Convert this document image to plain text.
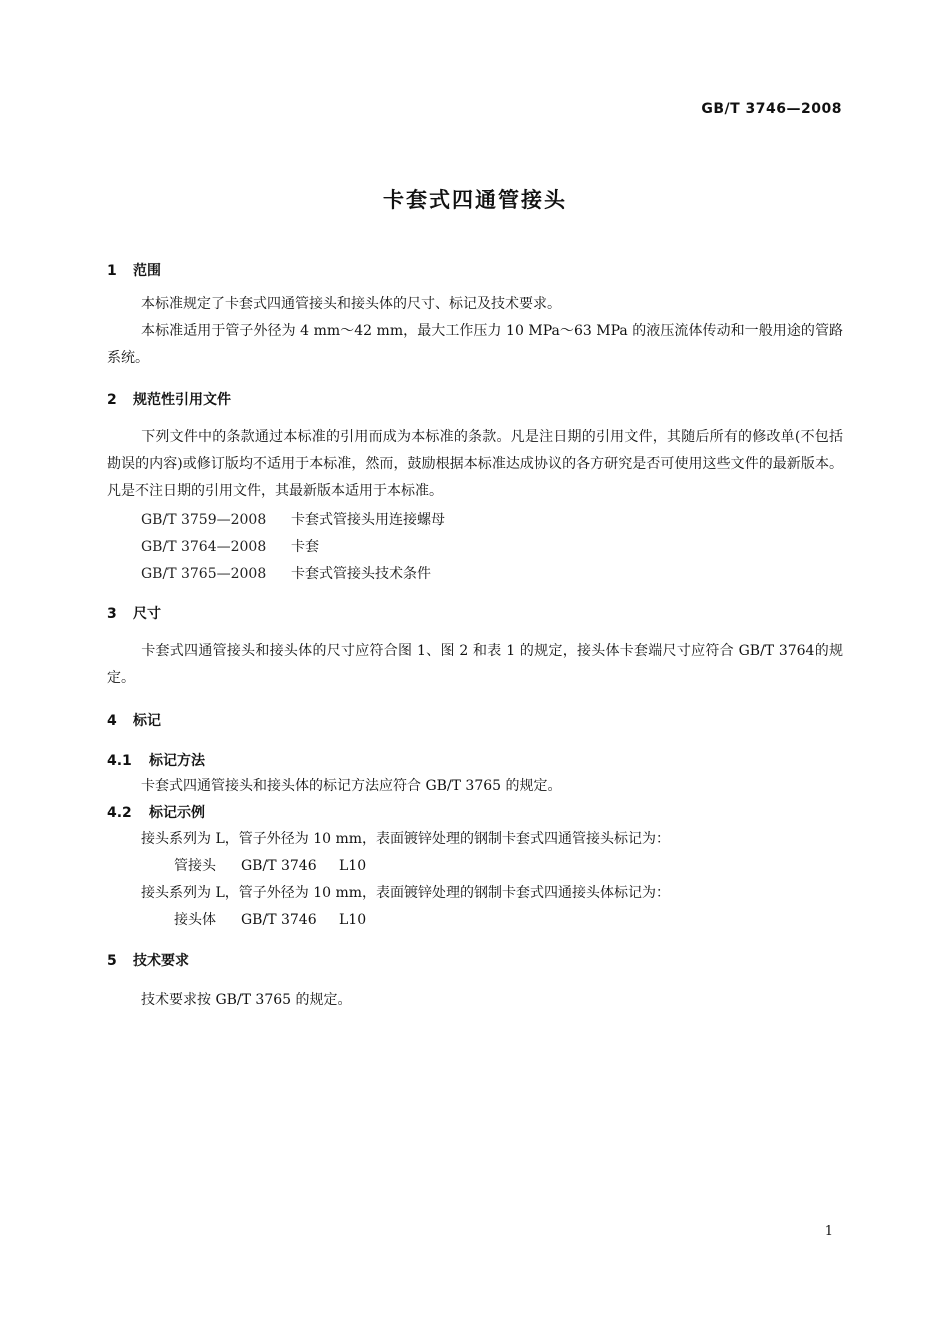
GB/T 3746—2008
卡套式四通管接头
1 范围
本标准规定了卡套式四通管接头和接头体的尺寸、标记及技术要求。
本标准适用于管子外径为 4 mm～42 mm，最大工作压力 10 MPa～63 MPa 的液压流体传动和一般用途的管路系统。
2 规范性引用文件
下列文件中的条款通过本标准的引用而成为本标准的条款。凡是注日期的引用文件，其随后所有的修改单(不包括勘误的内容)或修订版均不适用于本标准，然而，鼓励根据本标准达成协议的各方研究是否可使用这些文件的最新版本。凡是不注日期的引用文件，其最新版本适用于本标准。
GB/T 3759—2008 卡套式管接头用连接螺母
GB/T 3764—2008 卡套
GB/T 3765—2008 卡套式管接头技术条件
3 尺寸
卡套式四通管接头和接头体的尺寸应符合图 1、图 2 和表 1 的规定，接头体卡套端尺寸应符合 GB/T 3764的规定。
4 标记
4.1 标记方法
卡套式四通管接头和接头体的标记方法应符合 GB/T 3765 的规定。
4.2 标记示例
接头系列为 L，管子外径为 10 mm，表面镀锌处理的钢制卡套式四通管接头标记为：
管接头 GB/T 3746 L10
接头系列为 L，管子外径为 10 mm，表面镀锌处理的钢制卡套式四通接头体标记为：
接头体 GB/T 3746 L10
5 技术要求
技术要求按 GB/T 3765 的规定。
1
